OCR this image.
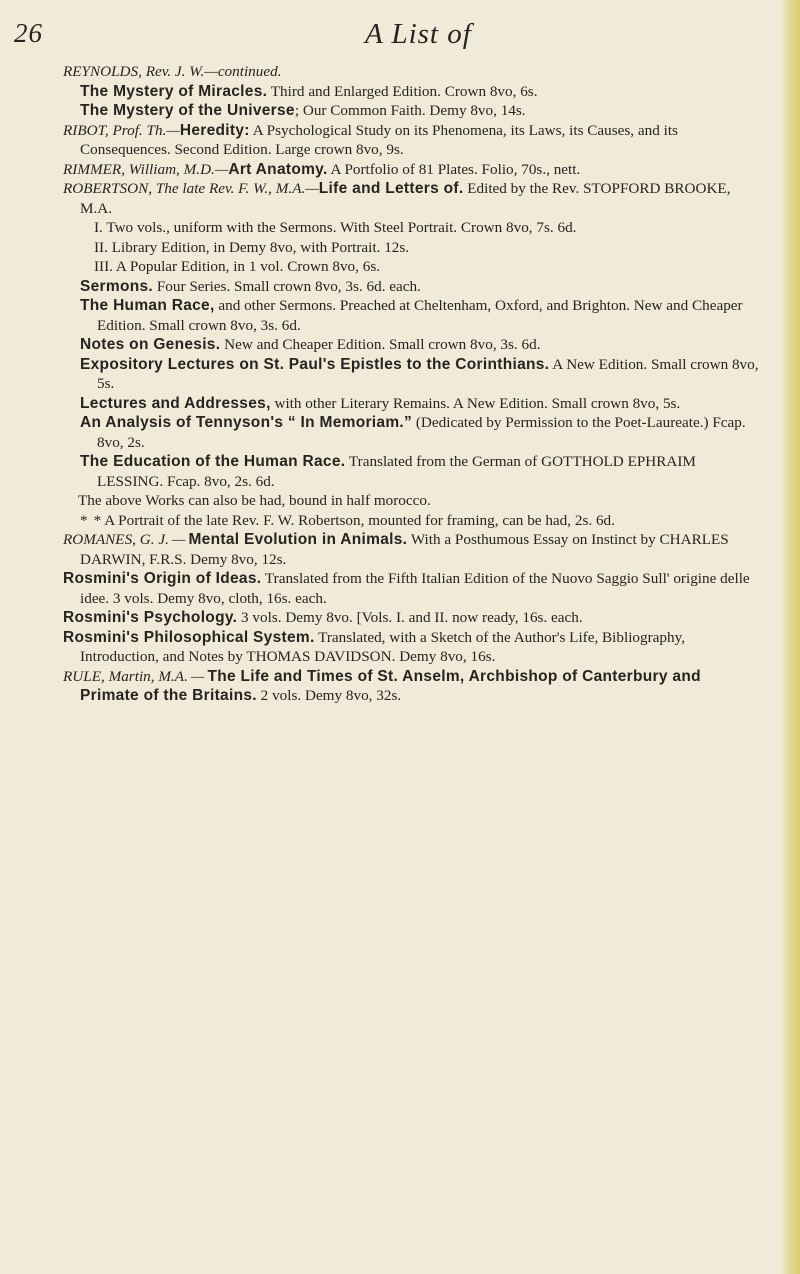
26	A List of

REYNOLDS, Rev. J. W.—continued.

The Mystery of Miracles. Third and Enlarged Edition. Crown 8vo, 6s.

The Mystery of the Universe; Our Common Faith. Demy 8vo, 14s.

RIBOT, Prof. Th.—Heredity: A Psychological Study on its Phenomena, its Laws, its Causes, and its Consequences. Second Edition. Large crown 8vo, 9s.

RIMMER, William, M.D.—Art Anatomy. A Portfolio of 81 Plates. Folio, 70s., nett.

ROBERTSON, The late Rev. F. W., M.A.—Life and Letters of. Edited by the Rev. STOPFORD BROOKE, M.A.

I. Two vols., uniform with the Sermons. With Steel Portrait. Crown 8vo, 7s. 6d.

II. Library Edition, in Demy 8vo, with Portrait. 12s.

III. A Popular Edition, in 1 vol. Crown 8vo, 6s.

Sermons. Four Series. Small crown 8vo, 3s. 6d. each.

The Human Race, and other Sermons. Preached at Cheltenham, Oxford, and Brighton. New and Cheaper Edition. Small crown 8vo, 3s. 6d.

Notes on Genesis. New and Cheaper Edition. Small crown 8vo, 3s. 6d.

Expository Lectures on St. Paul's Epistles to the Corinthians. A New Edition. Small crown 8vo, 5s.

Lectures and Addresses, with other Literary Remains. A New Edition. Small crown 8vo, 5s.

An Analysis of Tennyson's “ In Memoriam.” (Dedicated by Permission to the Poet-Laureate.) Fcap. 8vo, 2s.

The Education of the Human Race. Translated from the German of GOTTHOLD EPHRAIM LESSING. Fcap. 8vo, 2s. 6d.

The above Works can also be had, bound in half morocco.

*  * A Portrait of the late Rev. F. W. Robertson, mounted for framing, can be had, 2s. 6d.

ROMANES, G. J. — Mental Evolution in Animals. With a Posthumous Essay on Instinct by CHARLES DARWIN, F.R.S. Demy 8vo, 12s.

Rosmini's Origin of Ideas. Translated from the Fifth Italian Edition of the Nuovo Saggio Sull' origine delle idee. 3 vols. Demy 8vo, cloth, 16s. each.

Rosmini's Psychology. 3 vols. Demy 8vo. [Vols. I. and II. now ready, 16s. each.

Rosmini's Philosophical System. Translated, with a Sketch of the Author's Life, Bibliography, Introduction, and Notes by THOMAS DAVIDSON. Demy 8vo, 16s.

RULE, Martin, M.A. — The Life and Times of St. Anselm, Archbishop of Canterbury and Primate of the Britains. 2 vols. Demy 8vo, 32s.
